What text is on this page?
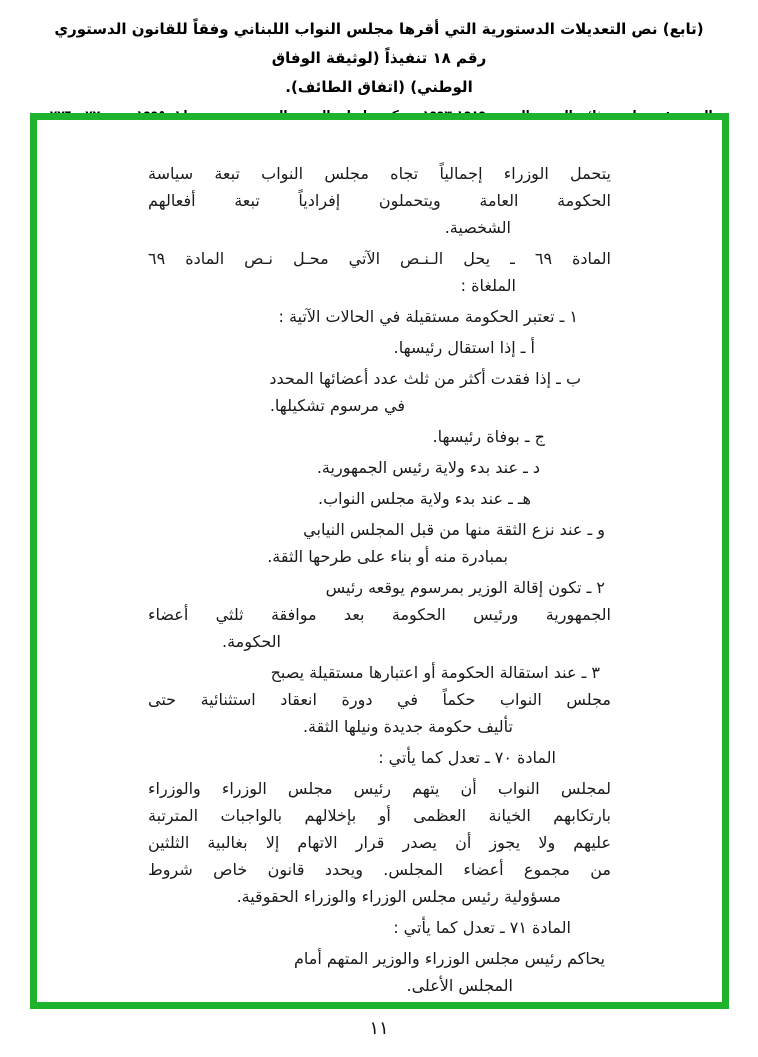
(تابع) نص التعديلات الدستورية التي أقرها مجلس النواب اللبناني وفقاً للقانون الدستوري رقم ١٨ تنفيذاً (لوثيقة الوفاق
الوطني) (اتفاق الطائف).
يتحمل الوزراء إجمالياً تجاه مجلس النواب تبعة سياسة
الحكومة العامة ويتحملون إفرادياً تبعة أفعالهم
الشخصية.
المادة ٦٩ ـ يحل الـنـص الآتي محـل نـص المادة ٦٩
الملغاة :
١ ـ تعتبر الحكومة مستقيلة في الحالات الآتية :
أ ـ إذا استقال رئيسها.
ب ـ إذا فقدت أكثر من ثلث عدد أعضائها المحدد
في مرسوم تشكيلها.
ج ـ بوفاة رئيسها.
د ـ عند بدء ولاية رئيس الجمهورية.
هـ ـ عند بدء ولاية مجلس النواب.
و ـ عند نزع الثقة منها من قبل المجلس النيابي
بمبادرة منه أو بناء على طرحها الثقة.
٢ ـ تكون إقالة الوزير بمرسوم يوقعه رئيس
الجمهورية ورئيس الحكومة بعد موافقة ثلثي أعضاء
الحكومة.
٣ ـ عند استقالة الحكومة أو اعتبارها مستقيلة يصبح
مجلس النواب حكماً في دورة انعقاد استثنائية حتى
تأليف حكومة جديدة ونيلها الثقة.
المادة ٧٠ ـ تعدل كما يأتي :
لمجلس النواب أن يتهم رئيس مجلس الوزراء والوزراء
بارتكابهم الخيانة العظمى أو بإخلالهم بالواجبات المترتبة
عليهم ولا يجوز أن يصدر قرار الاتهام إلا بغالبية الثلثين
من مجموع أعضاء المجلس. ويحدد قانون خاص شروط
مسؤولية رئيس مجلس الوزراء والوزراء الحقوقية.
المادة ٧١ ـ تعدل كما يأتي :
يحاكم رئيس مجلس الوزراء والوزير المتهم أمام
المجلس الأعلى.
١١
